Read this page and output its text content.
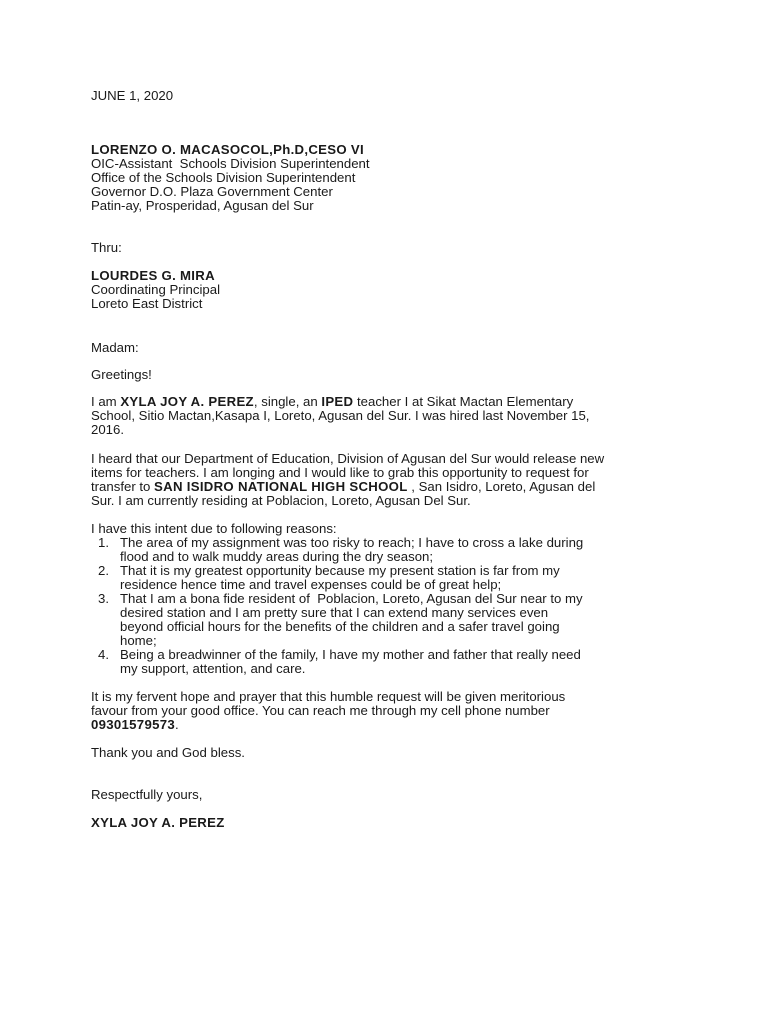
JUNE 1, 2020

LORENZO O. MACASOCOL,Ph.D,CESO VI

OIC-Assistant  Schools Division Superintendent

Office of the Schools Division Superintendent

Governor D.O. Plaza Government Center

Patin-ay, Prosperidad, Agusan del Sur

Thru:

LOURDES G. MIRA

Coordinating Principal

Loreto East District

Madam:

Greetings!

I am XYLA JOY A. PEREZ, single, an IPED teacher I at Sikat Mactan Elementary
School, Sitio Mactan,Kasapa I, Loreto, Agusan del Sur. I was hired last November 15,
2016.
I heard that our Department of Education, Division of Agusan del Sur would release new
items for teachers. I am longing and I would like to grab this opportunity to request for
transfer to SAN ISIDRO NATIONAL HIGH SCHOOL , San Isidro, Loreto, Agusan del
Sur. I am currently residing at Poblacion, Loreto, Agusan Del Sur.
I have this intent due to following reasons:
1. The area of my assignment was too risky to reach; I have to cross a lake during
flood and to walk muddy areas during the dry season;
2. That it is my greatest opportunity because my present station is far from my
residence hence time and travel expenses could be of great help;
3. That I am a bona fide resident of  Poblacion, Loreto, Agusan del Sur near to my
desired station and I am pretty sure that I can extend many services even
beyond official hours for the benefits of the children and a safer travel going
home;
4. Being a breadwinner of the family, I have my mother and father that really need
my support, attention, and care.
It is my fervent hope and prayer that this humble request will be given meritorious
favour from your good office. You can reach me through my cell phone number
09301579573.

Thank you and God bless.

Respectfully yours,

XYLA JOY A. PEREZ
